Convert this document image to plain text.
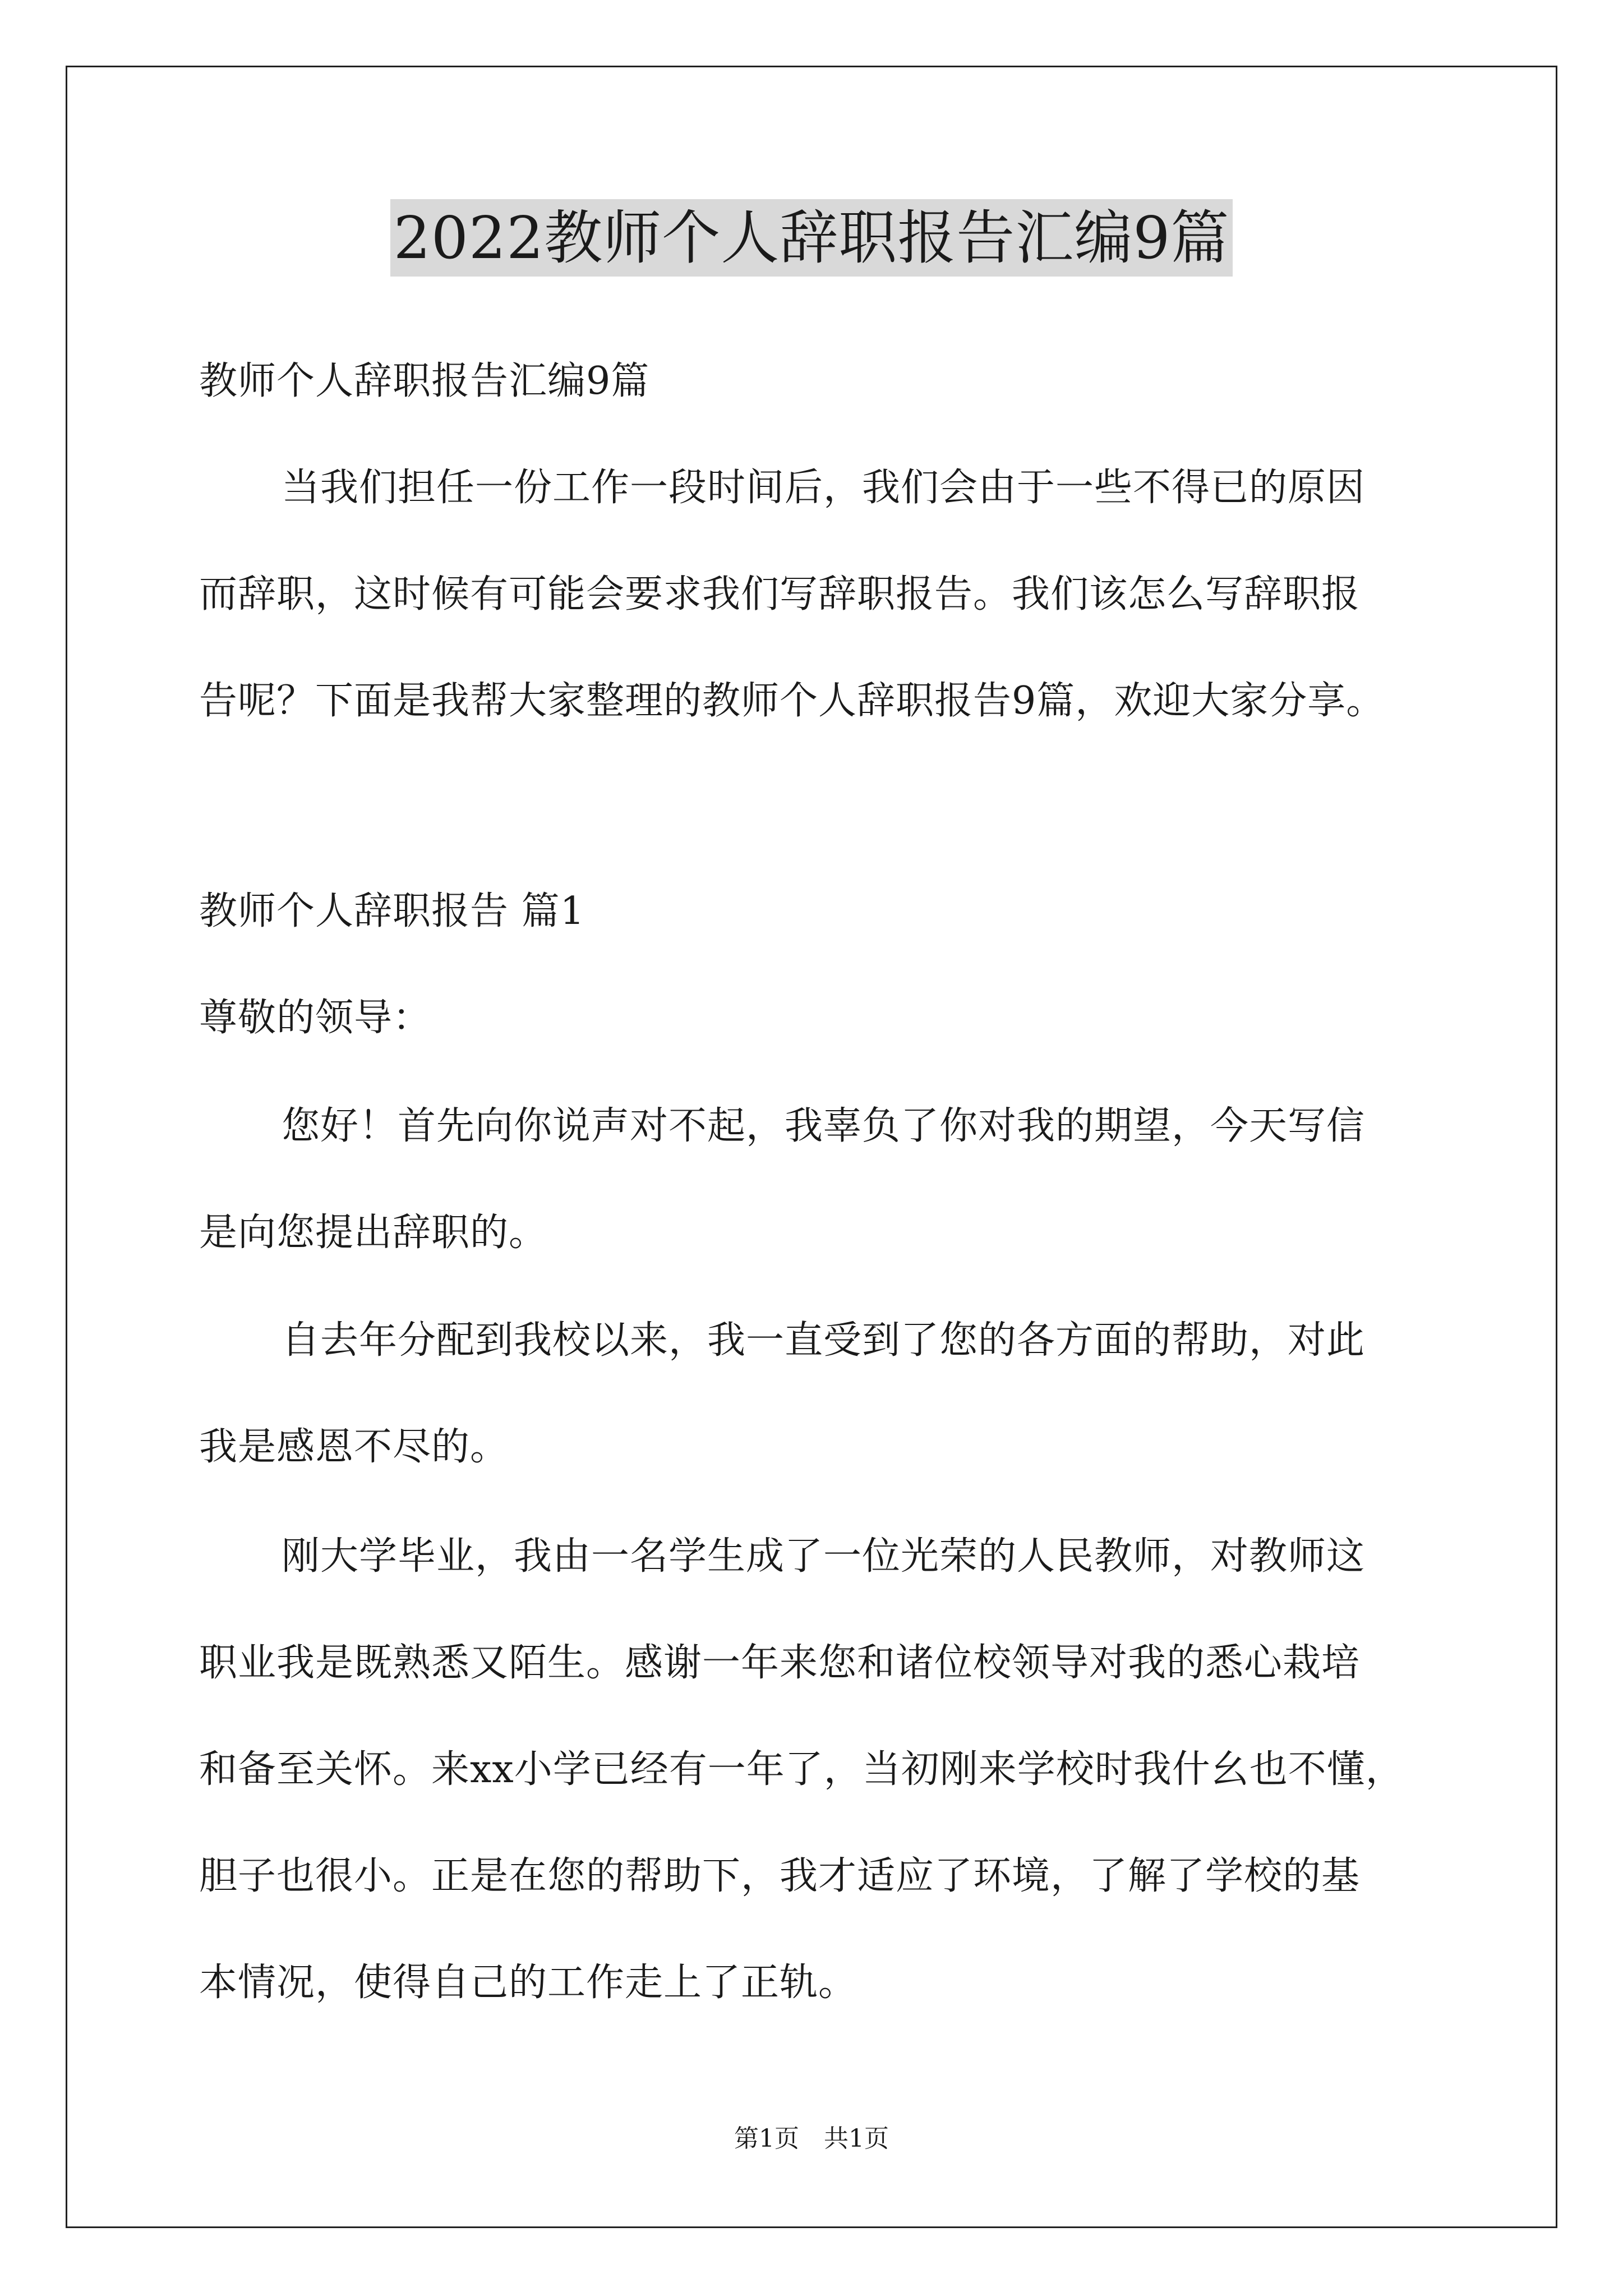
2022教师个人辞职报告汇编9篇
教师个人辞职报告汇编9篇
当我们担任一份工作一段时间后，我们会由于一些不得已的原因
而辞职，这时候有可能会要求我们写辞职报告。我们该怎么写辞职报
告呢？下面是我帮大家整理的教师个人辞职报告9篇，欢迎大家分享。
教师个人辞职报告 篇1
尊敬的领导：
您好！首先向你说声对不起，我辜负了你对我的期望，今天写信
是向您提出辞职的。
自去年分配到我校以来，我一直受到了您的各方面的帮助，对此
我是感恩不尽的。
刚大学毕业，我由一名学生成了一位光荣的人民教师，对教师这
职业我是既熟悉又陌生。感谢一年来您和诸位校领导对我的悉心栽培
和备至关怀。来xx小学已经有一年了，当初刚来学校时我什幺也不懂，
胆子也很小。正是在您的帮助下，我才适应了环境，了解了学校的基
本情况，使得自己的工作走上了正轨。
第1页　共1页
